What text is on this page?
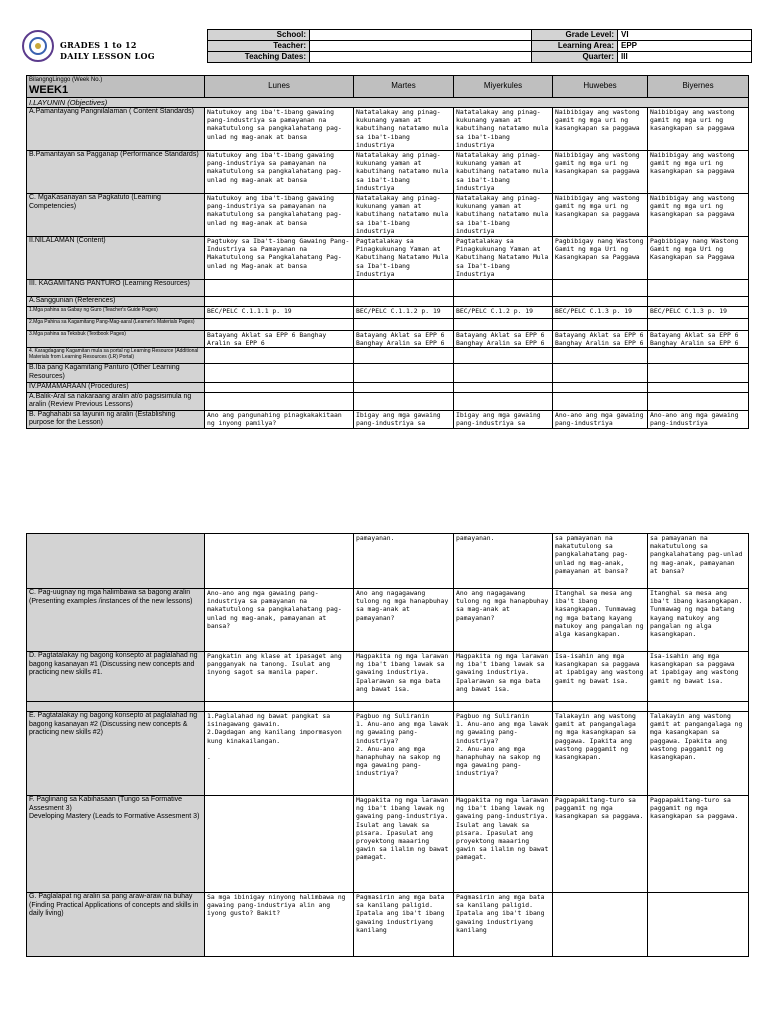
GRADES 1 to 12
DAILY LESSON LOG
School:		Grade Level:	VI
Teacher:		Learning Area:	EPP
Teaching Dates:		Quarter:	III
BilangngLinggo (Week No.)
WEEK1	Lunes	Martes	Miyerkules	Huwebes	Biyernes
I.LAYUNIN (Objectives)					
A.Pamantayang Pangnilalaman ( Content Standards)	Natutukoy ang iba't-ibang gawaing pang-industriya sa pamayanan na makatutulong sa pangkalahatang pag-unlad ng mag-anak at bansa	Natatalakay ang pinag-kukunang yaman at kabutihang natatamo mula sa iba't-ibang industriya	Natatalakay ang pinag-kukunang yaman at kabutihang natatamo mula sa iba't-ibang industriya	Naibibigay ang wastong gamit ng mga uri ng kasangkapan sa paggawa	Naibibigay ang wastong gamit ng mga uri ng kasangkapan sa paggawa
B.Pamantayan sa Pagganap (Performance Standards)	Natutukoy ang iba't-ibang gawaing pang-industriya sa pamayanan na makatutulong sa pangkalahatang pag-unlad ng mag-anak at bansa	Natatalakay ang pinag-kukunang yaman at kabutihang natatamo mula sa iba't-ibang industriya	Natatalakay ang pinag-kukunang yaman at kabutihang natatamo mula sa iba't-ibang industriya	Naibibigay ang wastong gamit ng mga uri ng kasangkapan sa paggawa	Naibibigay ang wastong gamit ng mga uri ng kasangkapan sa paggawa
C. MgaKasanayan sa Pagkatuto (Learning Competencies)	Natutukoy ang iba't-ibang gawaing pang-industriya sa pamayanan na makatutulong sa pangkalahatang pag-unlad ng mag-anak at bansa	Natatalakay ang pinag-kukunang yaman at kabutihang natatamo mula sa iba't-ibang industriya	Natatalakay ang pinag-kukunang yaman at kabutihang natatamo mula sa iba't-ibang industriya	Naibibigay ang wastong gamit ng mga uri ng kasangkapan sa paggawa	Naibibigay ang wastong gamit ng mga uri ng kasangkapan sa paggawa
II.NILALAMAN (Content)	Pagtukoy sa Iba't-ibang Gawaing Pang-Industriya sa Pamayanan na Makatutulong sa Pangkalahatang Pag-unlad ng Mag-anak at bansa	Pagtatalakay sa Pinagkukunang Yaman at Kabutihang Natatamo Mula sa Iba't-ibang Industriya	Pagtatalakay sa Pinagkukunang Yaman at Kabutihang Natatamo Mula sa Iba't-ibang Industriya	Pagbibigay nang Wastong Gamit ng mga Uri ng Kasangkapan sa Paggawa	Pagbibigay nang Wastong Gamit ng mga Uri ng Kasangkapan sa Paggawa
III. KAGAMITANG PANTURO (Learning Resources)					
A.Sanggunian (References)					
1.Mga pahina sa Gabay ng Guro (Teacher's Guide Pages)	BEC/PELC C.1.1.1 p. 19	BEC/PELC C.1.1.2 p. 19	BEC/PELC C.1.2 p. 19	BEC/PELC C.1.3 p. 19	BEC/PELC C.1.3 p. 19
2.Mga Pahina sa Kagamitang Pang-Mag-aaral (Learner's Materials Pages)					
3.Mga pahina sa Teksbuk (Textbook Pages)	Batayang Aklat sa EPP 6 Banghay Aralin sa EPP 6	Batayang Aklat sa EPP 6 Banghay Aralin sa EPP 6	Batayang Aklat sa EPP 6 Banghay Aralin sa EPP 6	Batayang Aklat sa EPP 6 Banghay Aralin sa EPP 6	Batayang Aklat sa EPP 6 Banghay Aralin sa EPP 6
4. Karagdagang Kagamitan mula sa portal ng Learning Resource (Additional Materials from Learning Resources (LR) Portal)					
B.Iba pang Kagamitang Panturo (Other Learning Resources)					
IV.PAMAMARAAN (Procedures)					
A.Balik-Aral sa nakaraang aralin at/o pagsisimula ng aralin (Review Previous Lessons)					
B. Paghahabi sa layunin ng aralin (Establishing purpose for the Lesson)	Ano ang pangunahing pinagkakakitaan ng inyong pamilya?	Ibigay ang mga gawaing pang-industriya sa	Ibigay ang mga gawaing pang-industriya sa	Ano-ano ang mga gawaing pang-industriya	Ano-ano ang mga gawaing pang-industriya
		pamayanan.	pamayanan.	sa pamayanan na makatutulong sa pangkalahatang pag-unlad ng mag-anak, pamayanan at bansa?	sa pamayanan na makatutulong sa pangkalahatang pag-unlad ng mag-anak, pamayanan at bansa?
C. Pag-uugnay ng mga halimbawa sa bagong aralin (Presenting examples /instances of the new lessons)	Ano-ano ang mga gawaing pang-industriya sa pamayanan na makatutulong sa pangkalahatang pag-unlad ng mag-anak, pamayanan at bansa?	Ano ang nagagawang tulong ng mga hanapbuhay sa mag-anak at pamayanan?	Ano ang nagagawang tulong ng mga hanapbuhay sa mag-anak at pamayanan?	Itanghal sa mesa ang iba't ibang kasangkapan. Tunmawag ng mga batang kayang matukoy ang pangalan ng alga kasangkapan.	Itanghal sa mesa ang iba't ibang kasangkapan. Tunmawag ng mga batang kayang matukoy ang pangalan ng alga kasangkapan.
D. Pagtatalakay ng bagong konsepto at paglalahad ng bagong kasanayan #1 (Discussing new concepts and practicing new skills #1.	Pangkatin ang klase at ipasaget ang pangganyak na tanong. Isulat ang inyong sagot sa manila paper.	Magpakita ng mga larawan ng iba't ibang lawak sa gawaing industriya. Ipalarawan sa mga bata ang bawat isa.	Magpakita ng mga larawan ng iba't ibang lawak sa gawaing industriya. Ipalarawan sa mga bata ang bawat isa.	Isa-isahin ang mga kasangkapan sa paggawa at ipabigay ang wastong gamit ng bawat isa.	Isa-isahin ang mga kasangkapan sa paggawa at ipabigay ang wastong gamit ng bawat isa.

E. Pagtatalakay ng bagong konsepto at paglalahad ng bagong kasanayan #2 (Discussing new concepts & practicing new skills #2)	1.Paglalahad ng bawat pangkat sa isinagawang gawain.
2.Dagdagan ang kanilang impormasyon kung kinakailangan.

.	Pagbuo ng Suliranin
1. Anu-ano ang mga lawak ng gawaing pang-industriya?
2. Anu-ano ang mga hanaphuhay na sakop ng mga gawaing pang-industriya?	Pagbuo ng Suliranin
1. Anu-ano ang mga lawak ng gawaing pang-industriya?
2. Anu-ano ang mga hanaphuhay na sakop ng mga gawaing pang-industriya?	Talakayin ang wastong gamit at pangangalaga ng mga kasangkapan sa paggawa. Ipakita ang wastong paggamit ng kasangkapan.	Talakayin ang wastong gamit at pangangalaga ng mga kasangkapan sa paggawa. Ipakita ang wastong paggamit ng kasangkapan.
F. Paglinang sa Kabihasaan (Tungo sa Formative Assesment 3)
Developing Mastery (Leads to Formative Assesment 3)		Magpakita ng mga larawan ng iba't ibang lawak ng gawaing pang-industriya. Isulat ang lawak sa pisara. Ipasulat ang proyektong maaaring gawin sa ilalim ng bawat pamagat.	Magpakita ng mga larawan ng iba't ibang lawak ng gawaing pang-industriya. Isulat ang lawak sa pisara. Ipasulat ang proyektong maaaring gawin sa ilalim ng bawat pamagat.	Pagpapakitang-turo sa paggamit ng mga kasangkapan sa paggawa.	Pagpapakitang-turo sa paggamit ng mga kasangkapan sa paggawa.
G. Paglalapat ng aralin sa pang araw-araw na buhay (Finding Practical Applications of concepts and skills in daily living)	Sa mga ibinigay ninyong halimbawa ng gawaing pang-industriya alin ang iyong gusto? Bakit?	Pagmasirin ang mga bata sa kanilang paligid. Ipatala ang iba't ibang gawaing industriyang kanilang	Pagmasirin ang mga bata sa kanilang paligid. Ipatala ang iba't ibang gawaing industriyang kanilang		
